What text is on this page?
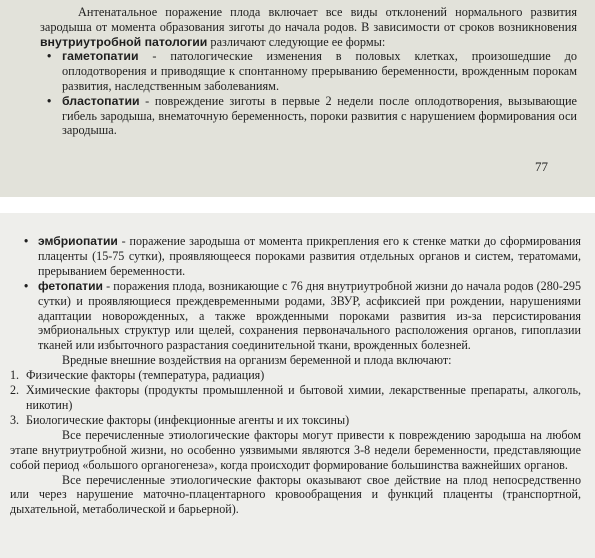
Антенатальное поражение плода включает все виды отклонений нормального развития зародыша от момента образования зиготы до начала родов. В зависимости от сроков возникновения внутриутробной патологии различают следующие ее формы:

• гаметопатии - патологические изменения в половых клетках, произошедшие до оплодотворения и приводящие к спонтанному прерыванию беременности, врожденным порокам развития, наследственным заболеваниям.
• бластопатии - повреждение зиготы в первые 2 недели после оплодотворения, вызывающие гибель зародыша, внематочную беременность, пороки развития с нарушением формирования оси зародыша.
77
• эмбриопатии - поражение зародыша от момента прикрепления его к стенке матки до сформирования плаценты (15-75 сутки), проявляющееся пороками развития отдельных органов и систем, тератомами, прерыванием беременности.
• фетопатии - поражения плода, возникающие с 76 дня внутриутробной жизни до начала родов (280-295 сутки) и проявляющиеся преждевременными родами, ЗВУР, асфиксией при рождении, нарушениями адаптации новорожденных, а также врожденными пороками развития из-за персистирования эмбриональных структур или щелей, сохранения первоначального расположения органов, гипоплазии тканей или избыточного разрастания соединительной ткани, врожденных болезней.

Вредные внешние воздействия на организм беременной и плода включают:

1. Физические факторы (температура, радиация)
2. Химические факторы (продукты промышленной и бытовой химии, лекарственные препараты, алкоголь, никотин)
3. Биологические факторы (инфекционные агенты и их токсины)

Все перечисленные этиологические факторы могут привести к повреждению зародыша на любом этапе внутриутробной жизни, но особенно уязвимыми являются 3-8 недели беременности, представляющие собой период «большого органогенеза», когда происходит формирование большинства важнейших органов.

Все перечисленные этиологические факторы оказывают свое действие на плод непосредственно или через нарушение маточно-плацентарного кровообращения и функций плаценты (транспортной, дыхательной, метаболической и барьерной).
